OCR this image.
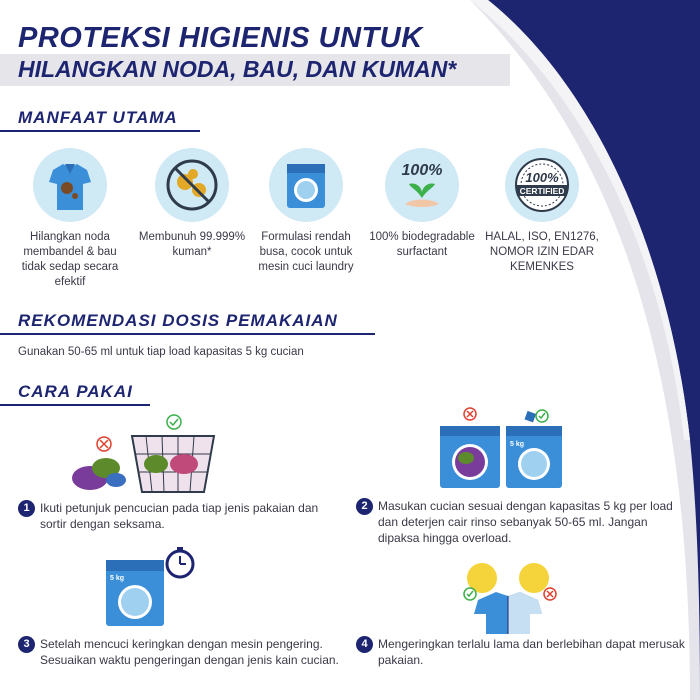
PROTEKSI HIGIENIS UNTUK
HILANGKAN NODA, BAU, DAN KUMAN*
MANFAAT UTAMA
Hilangkan noda membandel & bau tidak sedap secara efektif
Membunuh 99.999% kuman*
Formulasi rendah busa, cocok untuk mesin cuci laundry
100%
100% biodegradable surfactant
100%
CERTIFIED
HALAL, ISO, EN1276, NOMOR IZIN EDAR KEMENKES
REKOMENDASI DOSIS PEMAKAIAN
Gunakan 50-65 ml untuk tiap load kapasitas 5 kg cucian
CARA PAKAI
1 Ikuti petunjuk pencucian pada tiap jenis pakaian dan sortir dengan seksama.
5 kg
2 Masukan cucian sesuai dengan kapasitas 5 kg per load dan deterjen cair rinso sebanyak 50-65 ml. Jangan dipaksa hingga overload.
5 kg
3 Setelah mencuci keringkan dengan mesin pengering. Sesuaikan waktu pengeringan dengan jenis kain cucian.
4 Mengeringkan terlalu lama dan berlebihan dapat merusak pakaian.
